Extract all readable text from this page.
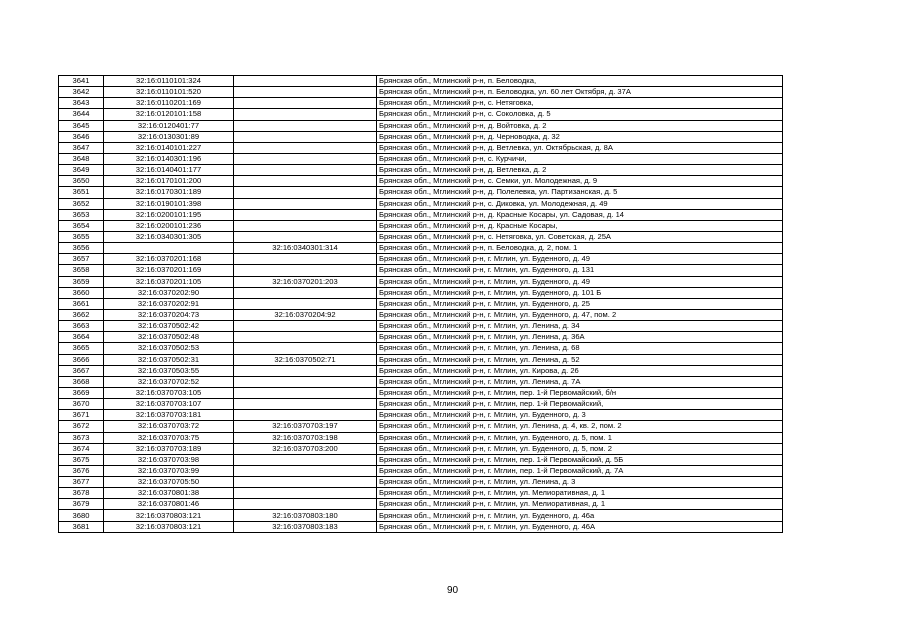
3641	32:16:0110101:324		Брянская обл., Мглинский р-н, п. Беловодка,
3642	32:16:0110101:520		Брянская обл., Мглинский р-н, п. Беловодка, ул. 60 лет Октября, д. 37А
3643	32:16:0110201:169		Брянская обл., Мглинский р-н, с. Нетяговка,
3644	32:16:0120101:158		Брянская обл., Мглинский р-н, с. Соколовка, д. 5
3645	32:16:0120401:77		Брянская обл., Мглинский р-н, д. Войтовка, д. 2
3646	32:16:0130301:89		Брянская обл., Мглинский р-н, д. Черноводка, д. 32
3647	32:16:0140101:227		Брянская обл., Мглинский р-н, д. Ветлевка, ул. Октябрьская, д. 8А
3648	32:16:0140301:196		Брянская обл., Мглинский р-н, с. Курчичи,
3649	32:16:0140401:177		Брянская обл., Мглинский р-н, д. Ветлевка, д. 2
3650	32:16:0170101:200		Брянская обл., Мглинский р-н, с. Семки, ул. Молодежная, д. 9
3651	32:16:0170301:189		Брянская обл., Мглинский р-н, д. Полелевка, ул. Партизанская, д. 5
3652	32:16:0190101:398		Брянская обл., Мглинский р-н, с. Диковка, ул. Молодежная, д. 49
3653	32:16:0200101:195		Брянская обл., Мглинский р-н, д. Красные Косары, ул. Садовая, д. 14
3654	32:16:0200101:236		Брянская обл., Мглинский р-н, д. Красные Косары,
3655	32:16:0340301:305		Брянская обл., Мглинский р-н, с. Нетяговка, ул. Советская, д. 25А
3656		32:16:0340301:314	Брянская обл., Мглинский р-н, п. Беловодка, д. 2, пом. 1
3657	32:16:0370201:168		Брянская обл., Мглинский р-н, г. Мглин, ул. Буденного, д. 49
3658	32:16:0370201:169		Брянская обл., Мглинский р-н, г. Мглин, ул. Буденного, д. 131
3659	32:16:0370201:105	32:16:0370201:203	Брянская обл., Мглинский р-н, г. Мглин, ул. Буденного, д. 49
3660	32:16:0370202:90		Брянская обл., Мглинский р-н, г. Мглин, ул. Буденного, д. 101 Б
3661	32:16:0370202:91		Брянская обл., Мглинский р-н, г. Мглин, ул. Буденного, д. 25
3662	32:16:0370204:73	32:16:0370204:92	Брянская обл., Мглинский р-н, г. Мглин, ул. Буденного, д. 47, пом. 2
3663	32:16:0370502:42		Брянская обл., Мглинский р-н, г. Мглин, ул. Ленина, д. 34
3664	32:16:0370502:48		Брянская обл., Мглинский р-н, г. Мглин, ул. Ленина, д. 36А
3665	32:16:0370502:53		Брянская обл., Мглинский р-н, г. Мглин, ул. Ленина, д. 68
3666	32:16:0370502:31	32:16:0370502:71	Брянская обл., Мглинский р-н, г. Мглин, ул. Ленина, д. 52
3667	32:16:0370503:55		Брянская обл., Мглинский р-н, г. Мглин, ул. Кирова, д. 26
3668	32:16:0370702:52		Брянская обл., Мглинский р-н, г. Мглин, ул. Ленина, д. 7А
3669	32:16:0370703:105		Брянская обл., Мглинский р-н, г. Мглин, пер. 1-й Первомайский, б/н
3670	32:16:0370703:107		Брянская обл., Мглинский р-н, г. Мглин, пер. 1-й Первомайский,
3671	32:16:0370703:181		Брянская обл., Мглинский р-н, г. Мглин, ул. Буденного, д. 3
3672	32:16:0370703:72	32:16:0370703:197	Брянская обл., Мглинский р-н, г. Мглин, ул. Ленина, д. 4, кв. 2, пом. 2
3673	32:16:0370703:75	32:16:0370703:198	Брянская обл., Мглинский р-н, г. Мглин, ул. Буденного, д. 5, пом. 1
3674	32:16:0370703:189	32:16:0370703:200	Брянская обл., Мглинский р-н, г. Мглин, ул. Буденного, д. 5, пом. 2
3675	32:16:0370703:98		Брянская обл., Мглинский р-н, г. Мглин, пер. 1-й Первомайский, д. 5Б
3676	32:16:0370703:99		Брянская обл., Мглинский р-н, г. Мглин, пер. 1-й Первомайский, д. 7А
3677	32:16:0370705:50		Брянская обл., Мглинский р-н, г. Мглин, ул. Ленина, д. 3
3678	32:16:0370801:38		Брянская обл., Мглинский р-н, г. Мглин, ул. Мелиоративная, д. 1
3679	32:16:0370801:46		Брянская обл., Мглинский р-н, г. Мглин, ул. Мелиоративная, д. 1
3680	32:16:0370803:121	32:16:0370803:180	Брянская обл., Мглинский р-н, г. Мглин, ул. Буденного, д. 46а
3681	32:16:0370803:121	32:16:0370803:183	Брянская обл., Мглинский р-н, г. Мглин, ул. Буденного, д. 46А
90
